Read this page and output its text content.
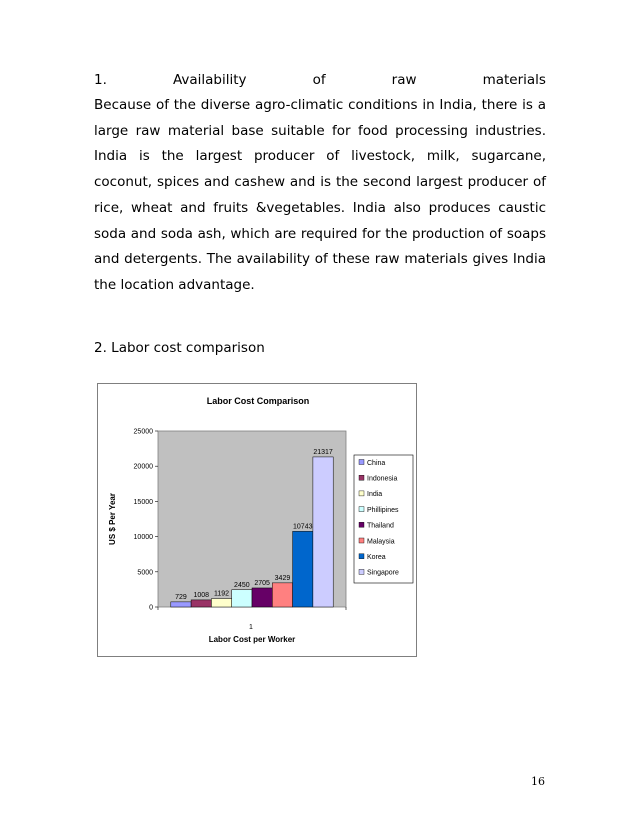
1.	Availability	of	raw	materials

Because of the diverse agro-climatic conditions in India, there is a large raw material base suitable for food processing industries. India is the largest producer of livestock, milk, sugarcane, coconut, spices and cashew and is the second largest producer of rice, wheat and fruits &vegetables. India also produces caustic soda and soda ash, which are required for the production of soaps and detergents. The availability of these raw materials gives India the location advantage.

2. Labor cost comparison
Labor Cost Comparison
0
5000
10000
15000
20000
25000
729 1008 1192
2450 2705
3429
10743
21317
1
Labor Cost per Worker
US $ Per Year
China
Indonesia
India
Phillipines
Thailand
Malaysia
Korea
Singapore
16
